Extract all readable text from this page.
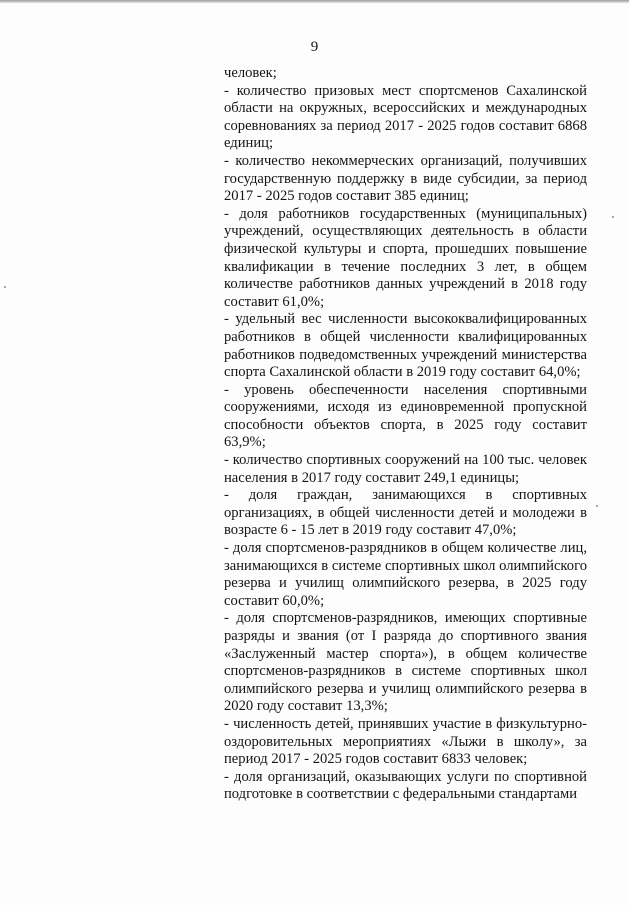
9

человек;

- количество призовых мест спортсменов Сахалинской области на окружных, всероссийских и международных соревнованиях за период 2017 - 2025 годов составит 6868 единиц;

- количество некоммерческих организаций, получивших государственную поддержку в виде субсидии, за период 2017 - 2025 годов составит 385 единиц;

- доля работников государственных (муниципальных) учреждений, осуществляющих деятельность в области физической культуры и спорта, прошедших повышение квалификации в течение последних 3 лет, в общем количестве работников данных учреждений в 2018 году составит 61,0%;

- удельный вес численности высококвалифицированных работников в общей численности квалифицированных работников подведомственных учреждений министерства спорта Сахалинской области в 2019 году составит 64,0%;

- уровень обеспеченности населения спортивными сооружениями, исходя из единовременной пропускной способности объектов спорта, в 2025 году составит 63,9%;

- количество спортивных сооружений на 100 тыс. человек населения в 2017 году составит 249,1 единицы;

- доля граждан, занимающихся в спортивных организациях, в общей численности детей и молодежи в возрасте 6 - 15 лет в 2019 году составит 47,0%;

- доля спортсменов-разрядников в общем количестве лиц, занимающихся в системе спортивных школ олимпийского резерва и училищ олимпийского резерва, в 2025 году составит 60,0%;

- доля спортсменов-разрядников, имеющих спортивные разряды и звания (от I разряда до спортивного звания «Заслуженный мастер спорта»), в общем количестве спортсменов-разрядников в системе спортивных школ олимпийского резерва и училищ олимпийского резерва в 2020 году составит 13,3%;

- численность детей, принявших участие в физкультурно-оздоровительных мероприятиях «Лыжи в школу», за период 2017 - 2025 годов составит 6833 человек;

- доля организаций, оказывающих услуги по спортивной подготовке в соответствии с федеральными стандартами
